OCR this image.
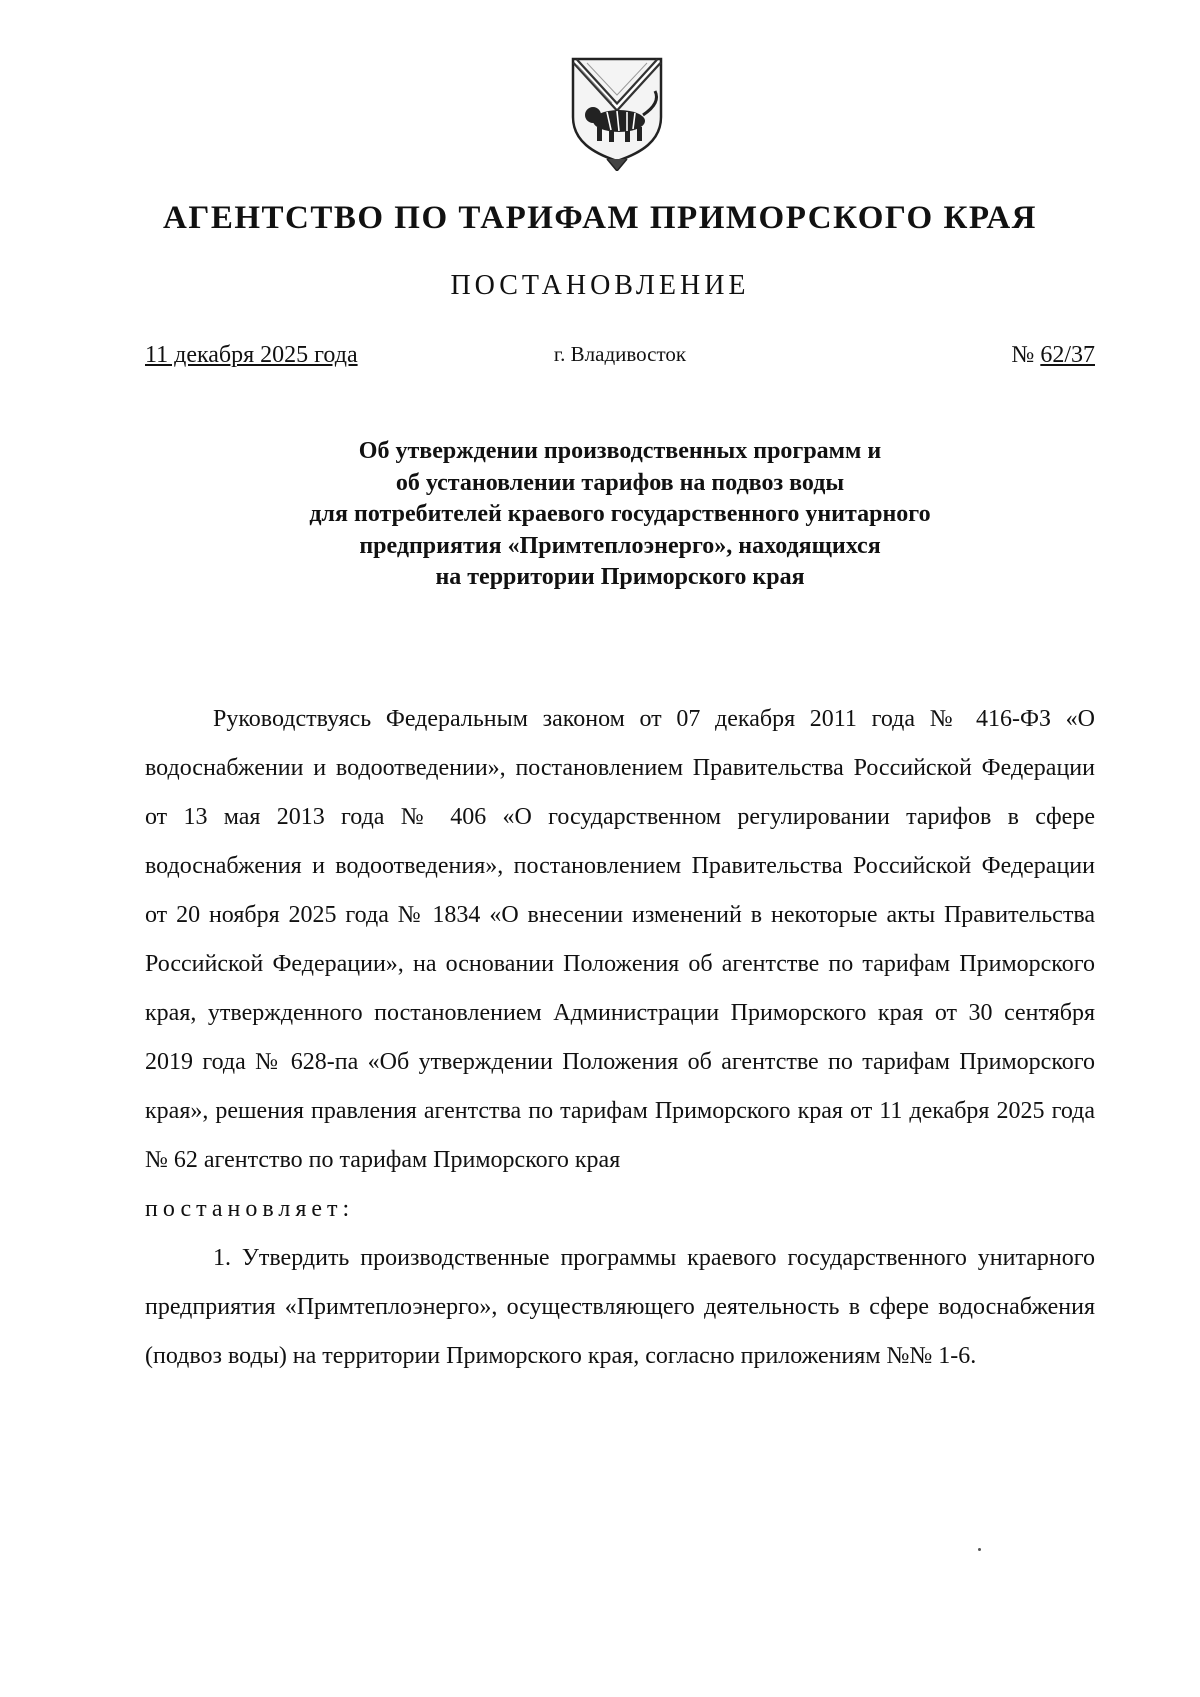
АГЕНТСТВО ПО ТАРИФАМ ПРИМОРСКОГО КРАЯ
ПОСТАНОВЛЕНИЕ
11 декабря 2025 года	г. Владивосток	№ 62/37
Об утверждении производственных программ и
об установлении тарифов на подвоз воды
для потребителей краевого государственного унитарного
предприятия «Примтеплоэнерго», находящихся
на территории Приморского края

Руководствуясь Федеральным законом от 07 декабря 2011 года № 416-ФЗ «О водоснабжении и водоотведении», постановлением Правительства Российской Федерации от 13 мая 2013 года № 406 «О государственном регулировании тарифов в сфере водоснабжения и водоотведения», постановлением Правительства Российской Федерации от 20 ноября 2025 года № 1834 «О внесении изменений в некоторые акты Правительства Российской Федерации», на основании Положения об агентстве по тарифам Приморского края, утвержденного постановлением Администрации Приморского края от 30 сентября 2019 года № 628-па «Об утверждении Положения об агентстве по тарифам Приморского края», решения правления агентства по тарифам Приморского края от 11 декабря 2025 года № 62 агентство по тарифам Приморского края

постановляет:

1. Утвердить производственные программы краевого государственного унитарного предприятия «Примтеплоэнерго», осуществляющего деятельность в сфере водоснабжения (подвоз воды) на территории Приморского края, согласно приложениям №№ 1-6.
